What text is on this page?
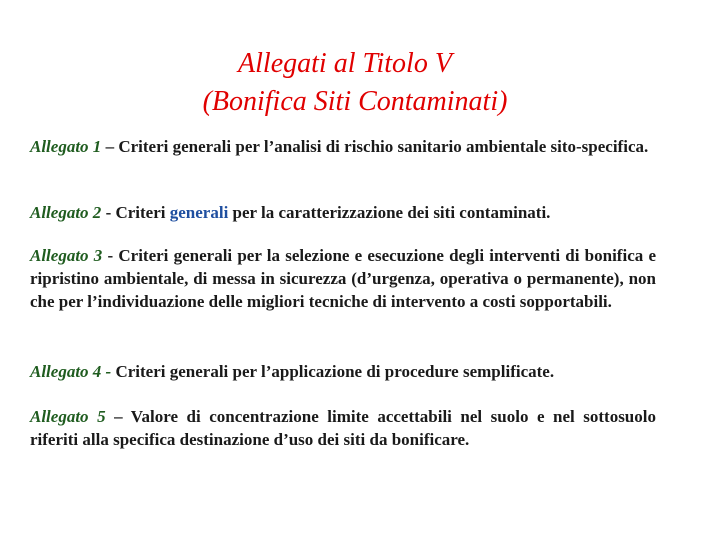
Allegati al Titolo V
(Bonifica Siti Contaminati)

Allegato 1 – Criteri generali per l’analisi di rischio sanitario ambientale sito-specifica.

Allegato 2 - Criteri generali per la caratterizzazione dei siti contaminati.

Allegato 3 - Criteri generali per la selezione e esecuzione degli interventi di bonifica e ripristino ambientale, di messa in sicurezza (d’urgenza, operativa o permanente), non che per l’individuazione delle migliori tecniche di intervento a costi sopportabili.

Allegato 4 - Criteri generali per l’applicazione di procedure semplificate.

Allegato 5 – Valore di concentrazione limite accettabili nel suolo e nel sottosuolo riferiti alla specifica destinazione d’uso dei siti da bonificare.
